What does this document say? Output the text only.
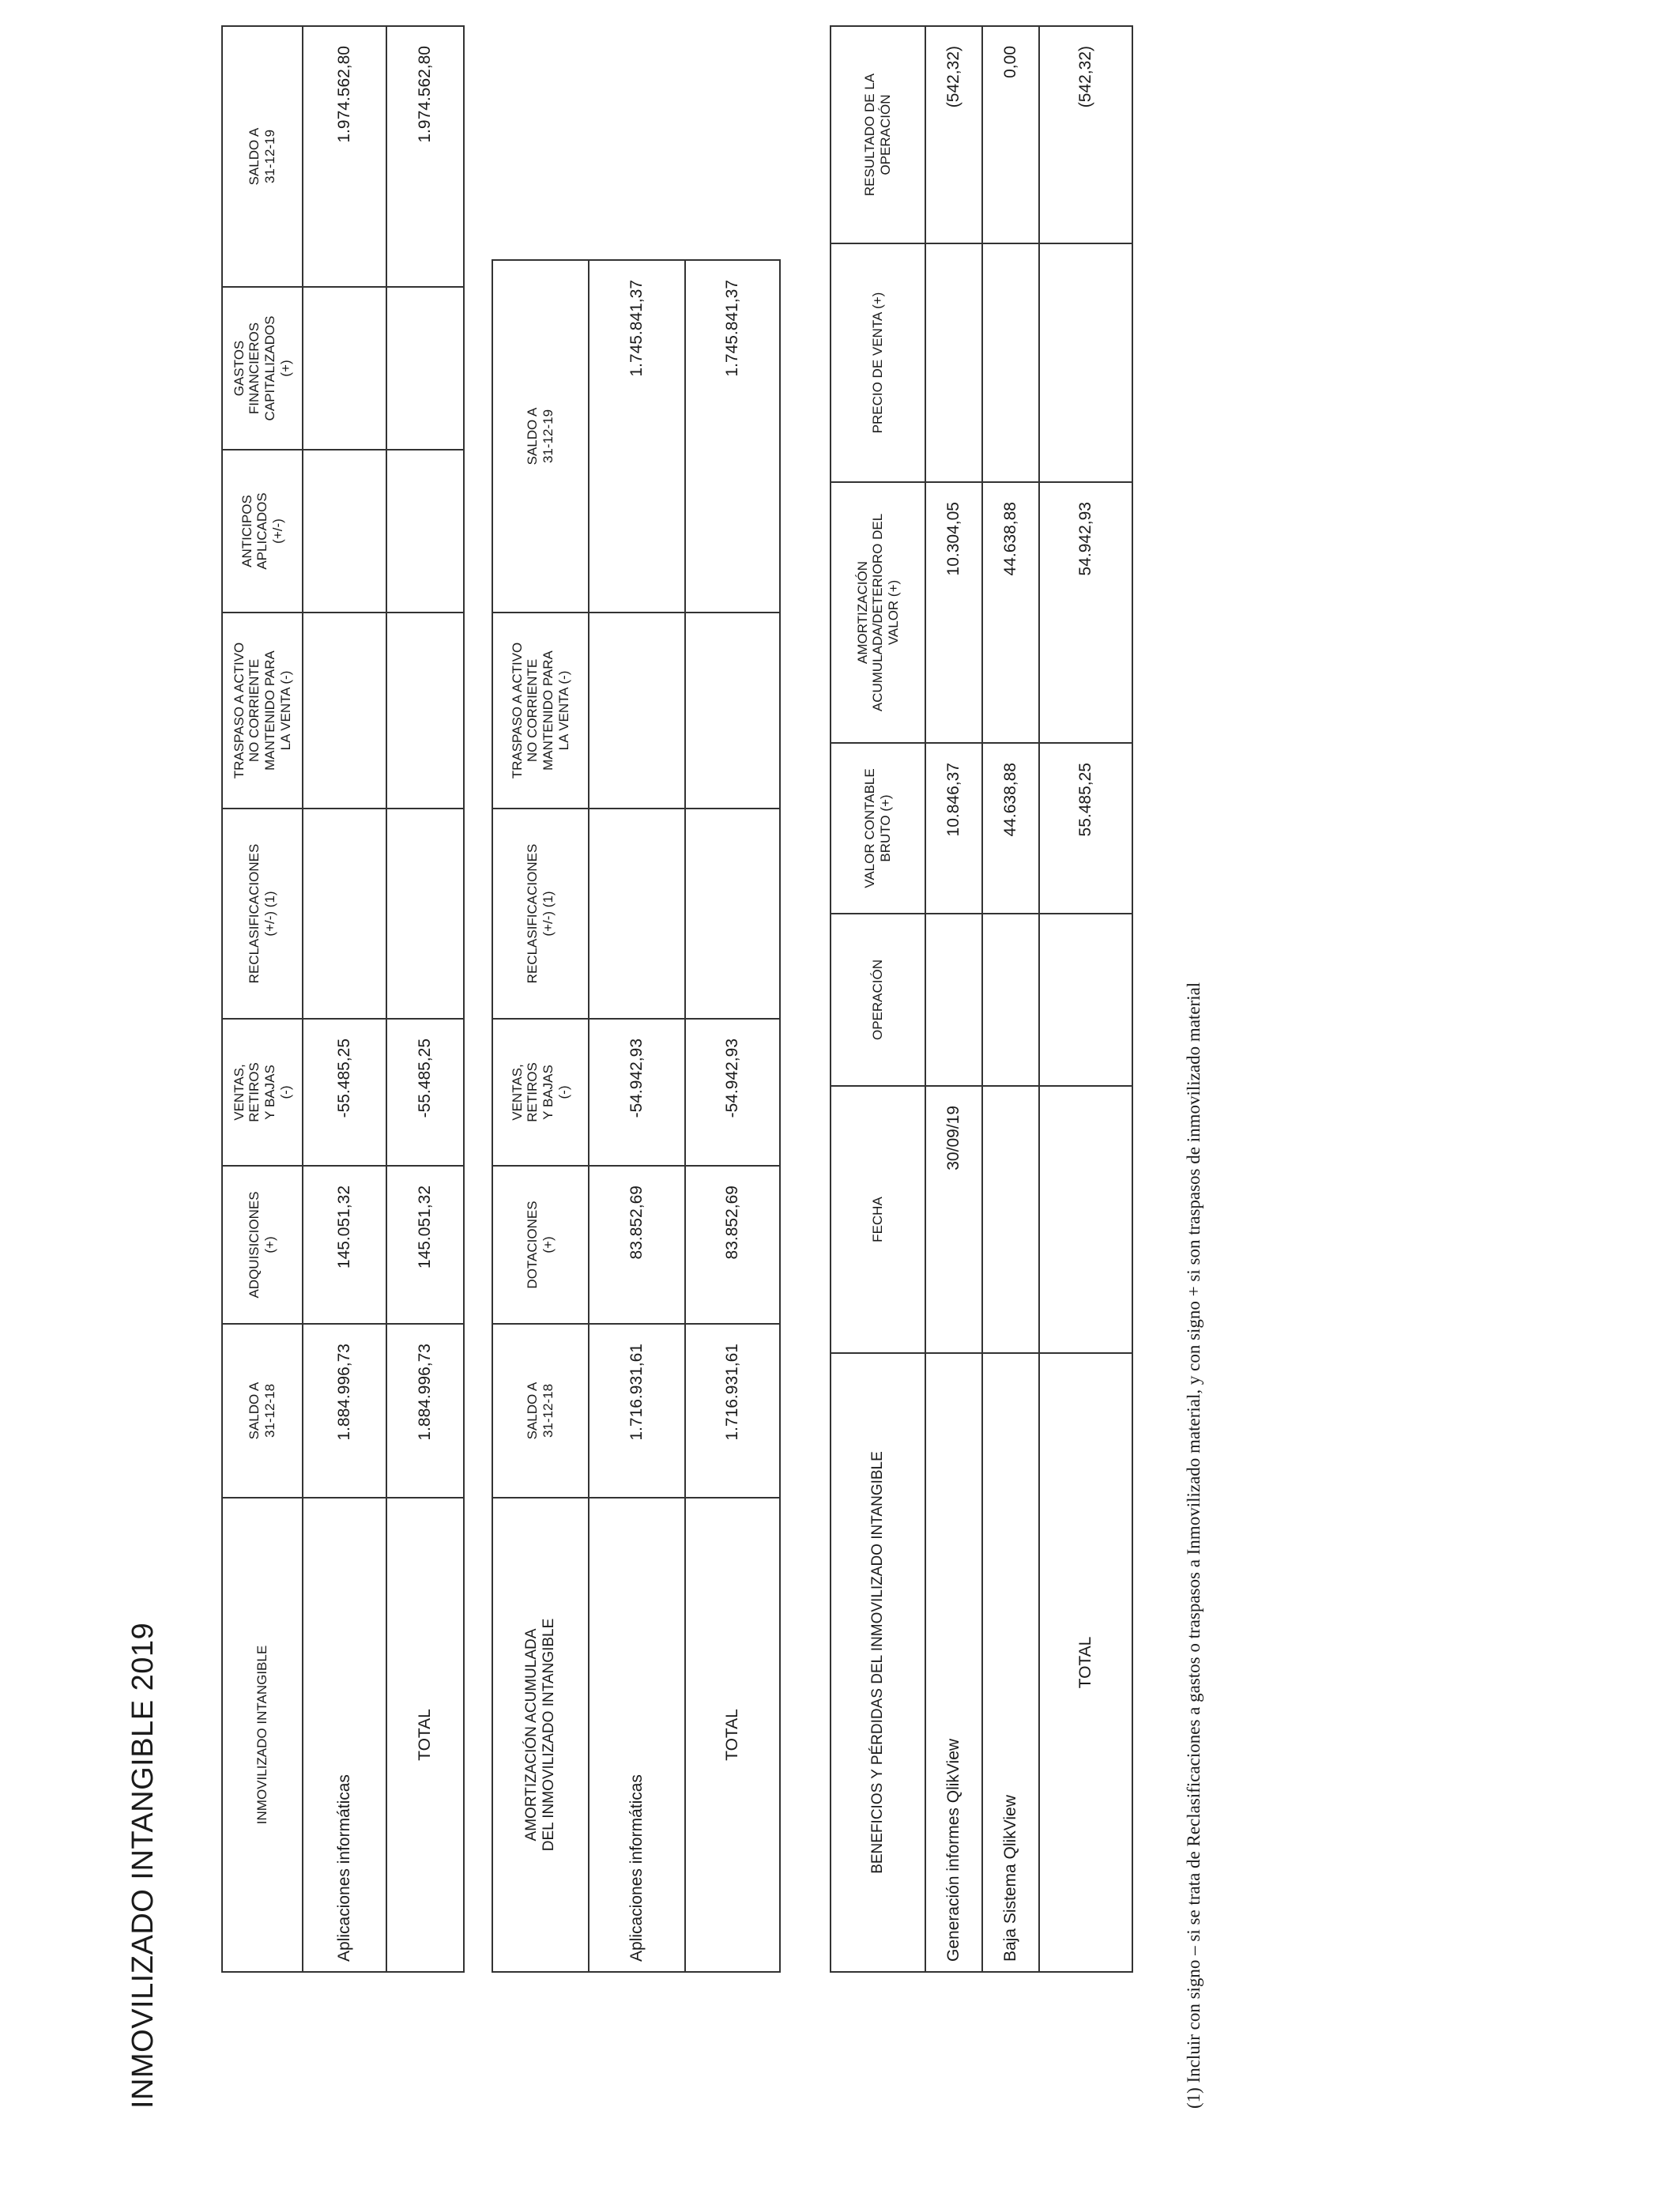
INMOVILIZADO INTANGIBLE 2019	INMOVILIZADO INTANGIBLE	SALDO A
31-12-18	ADQUISICIONES
(+)	VENTAS,
RETIROS
Y BAJAS
(-)	RECLASIFICACIONES
(+/-) (1)	TRASPASO A ACTIVO
NO CORRIENTE
MANTENIDO PARA
LA VENTA (-)	ANTICIPOS
APLICADOS
(+/-)	GASTOS
FINANCIEROS
CAPITALIZADOS
(+)	SALDO A
31-12-19
Aplicaciones informáticas	1.884.996,73	145.051,32	-55.485,25					1.974.562,80
TOTAL	1.884.996,73	145.051,32	-55.485,25					1.974.562,80
AMORTIZACIÓN ACUMULADA
DEL INMOVILIZADO INTANGIBLE	SALDO A
31-12-18	DOTACIONES
(+)	VENTAS,
RETIROS
Y BAJAS
(-)	RECLASIFICACIONES
(+/-) (1)	TRASPASO A ACTIVO
NO CORRIENTE
MANTENIDO PARA
LA VENTA (-)	SALDO A
31-12-19
Aplicaciones informáticas	1.716.931,61	83.852,69	-54.942,93			1.745.841,37
TOTAL	1.716.931,61	83.852,69	-54.942,93			1.745.841,37
BENEFICIOS Y PÉRDIDAS DEL INMOVILIZADO INTANGIBLE	FECHA	OPERACIÓN	VALOR CONTABLE
BRUTO (+)	AMORTIZACIÓN
ACUMULADA/DETERIORO DEL
VALOR (+)	PRECIO DE VENTA (+)	RESULTADO DE LA
OPERACIÓN
Generación informes QlikView	30/09/19		10.846,37	10.304,05		(542,32)
Baja Sistema QlikView			44.638,88	44.638,88		0,00
TOTAL			55.485,25	54.942,93		(542,32)
(1) Incluir con signo – si se trata de Reclasificaciones a gastos o traspasos a Inmovilizado material, y con signo + si son traspasos de inmovilizado material
